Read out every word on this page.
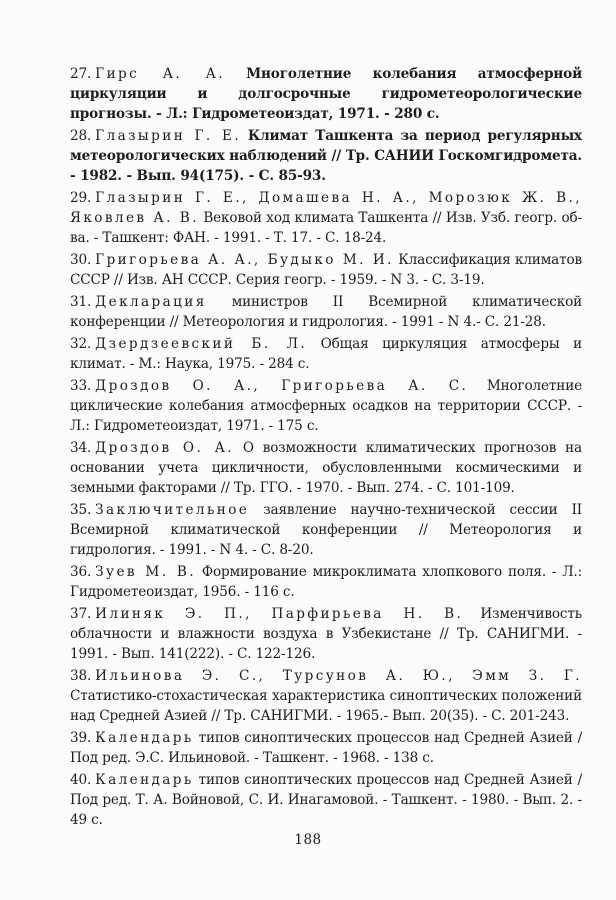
27. Гирс А. А. Многолетние колебания атмосферной циркуляции и долгосрочные гидрометеорологические прогнозы. - Л.: Гидрометеоиздат, 1971. - 280 с.

28. Глазырин Г. Е. Климат Ташкента за период регулярных метеорологических наблюдений // Тр. САНИИ Госкомгидромета. - 1982. - Вып. 94(175). - С. 85-93.

29. Глазырин Г. Е., Домашева Н. А., Морозюк Ж. В., Яковлев А. В. Вековой ход климата Ташкента // Изв. Узб. геогр. об-ва. - Ташкент: ФАН. - 1991. - Т. 17. - С. 18-24.

30. Григорьева А. А., Будыко М. И. Классификация климатов СССР // Изв. АН СССР. Серия геогр. - 1959. - N 3. - С. 3-19.

31. Декларация министров II Всемирной климатической конференции // Метеорология и гидрология. - 1991 - N 4.- С. 21-28.

32. Дзердзеевский Б. Л. Общая циркуляция атмосферы и климат. - М.: Наука, 1975. - 284 с.

33. Дроздов О. А., Григорьева А. С. Многолетние циклические колебания атмосферных осадков на территории СССР. - Л.: Гидрометеоиздат, 1971. - 175 с.

34. Дроздов О. А. О возможности климатических прогнозов на основании учета цикличности, обусловленными космическими и земными факторами // Тр. ГГО. - 1970. - Вып. 274. - С. 101-109.

35. Заключительное заявление научно-технической сессии II Всемирной климатической конференции // Метеорология и гидрология. - 1991. - N 4. - С. 8-20.

36. Зуев М. В. Формирование микроклимата хлопкового поля. - Л.: Гидрометеоиздат, 1956. - 116 с.

37. Илиняк Э. П., Парфирьева Н. В. Изменчивость облачности и влажности воздуха в Узбекистане // Тр. САНИГМИ. - 1991. - Вып. 141(222). - С. 122-126.

38. Ильинова Э. С., Турсунов А. Ю., Эмм З. Г. Статистико-стохастическая характеристика синоптических положений над Средней Азией // Тр. САНИГМИ. - 1965.- Вып. 20(35). - С. 201-243.

39. Календарь типов синоптических процессов над Средней Азией / Под ред. Э.С. Ильиновой. - Ташкент. - 1968. - 138 с.

40. Календарь типов синоптических процессов над Средней Азией / Под ред. Т. А. Войновой, С. И. Инагамовой. - Ташкент. - 1980. - Вып. 2. - 49 с.

188
